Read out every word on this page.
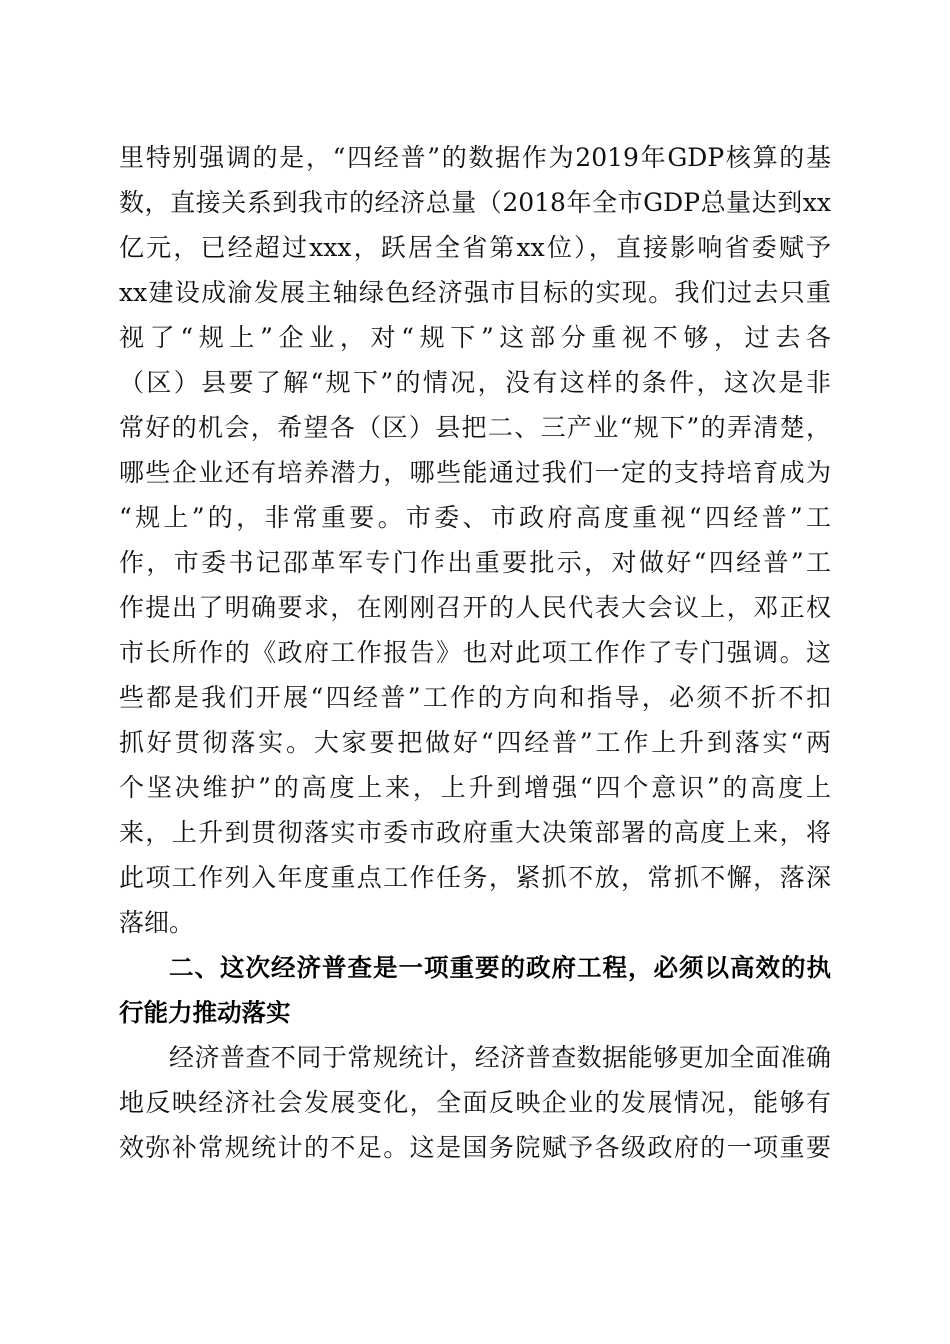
里特别强调的是，“四经普”的数据作为2019年GDP核算的基
数，直接关系到我市的经济总量（2018年全市GDP总量达到xx
亿元，已经超过xxx，跃居全省第xx位），直接影响省委赋予
xx建设成渝发展主轴绿色经济强市目标的实现。我们过去只重
视了“规上”企业，对“规下”这部分重视不够，过去各
（区）县要了解“规下”的情况，没有这样的条件，这次是非
常好的机会，希望各（区）县把二、三产业“规下”的弄清楚，
哪些企业还有培养潜力，哪些能通过我们一定的支持培育成为
“规上”的，非常重要。市委、市政府高度重视“四经普”工
作，市委书记邵革军专门作出重要批示，对做好“四经普”工
作提出了明确要求，在刚刚召开的人民代表大会议上，邓正权
市长所作的《政府工作报告》也对此项工作作了专门强调。这
些都是我们开展“四经普”工作的方向和指导，必须不折不扣
抓好贯彻落实。大家要把做好“四经普”工作上升到落实“两
个坚决维护”的高度上来，上升到增强“四个意识”的高度上
来，上升到贯彻落实市委市政府重大决策部署的高度上来，将
此项工作列入年度重点工作任务，紧抓不放，常抓不懈，落深
落细。
二、这次经济普查是一项重要的政府工程，必须以高效的执
行能力推动落实
经济普查不同于常规统计，经济普查数据能够更加全面准确
地反映经济社会发展变化，全面反映企业的发展情况，能够有
效弥补常规统计的不足。这是国务院赋予各级政府的一项重要
